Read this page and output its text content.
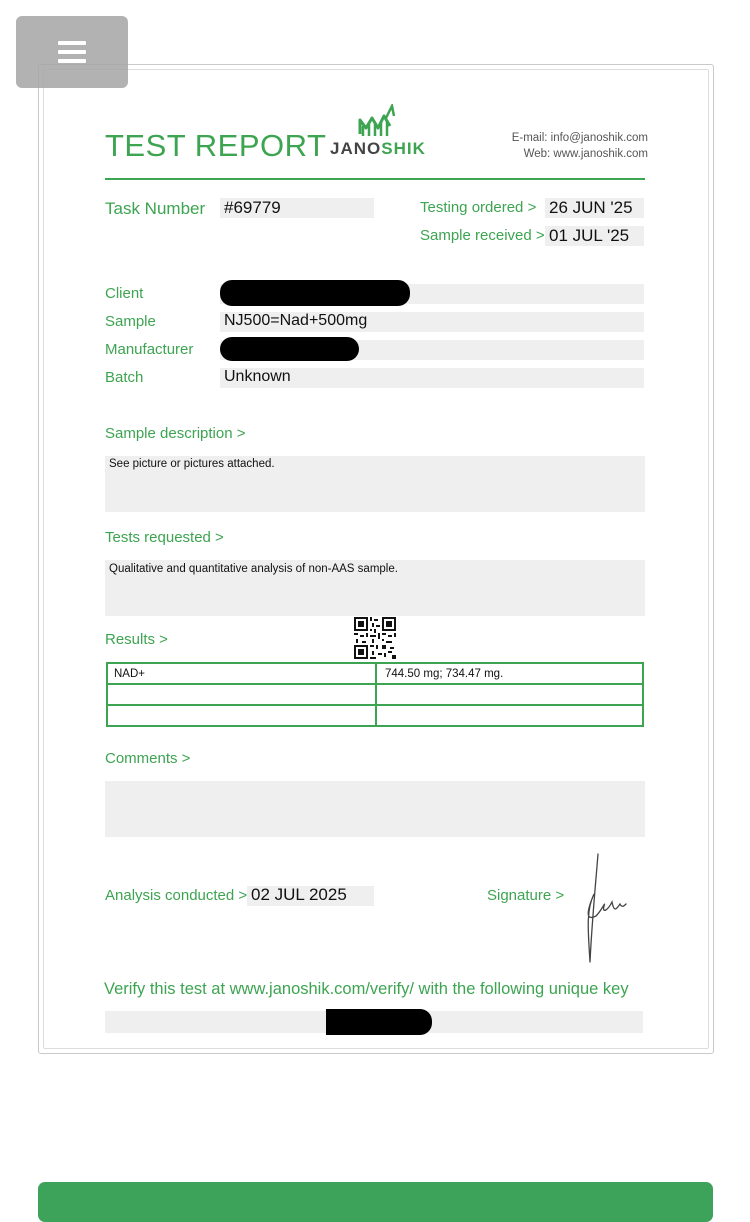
TEST REPORT JANOSHIK
E-mail: info@janoshik.com
Web: www.janoshik.com
Task Number #69779	Testing ordered > 26 JUN '25
Sample received > 01 JUL '25
Client
Sample	NJ500=Nad+500mg
Manufacturer
Batch	Unknown
Sample description >
See picture or pictures attached.
Tests requested >
Qualitative and quantitative analysis of non-AAS sample.
Results >
NAD+	744.50 mg; 734.47 mg.

Comments >
Analysis conducted > 02 JUL 2025	Signature >
Verify this test at www.janoshik.com/verify/ with the following unique key
